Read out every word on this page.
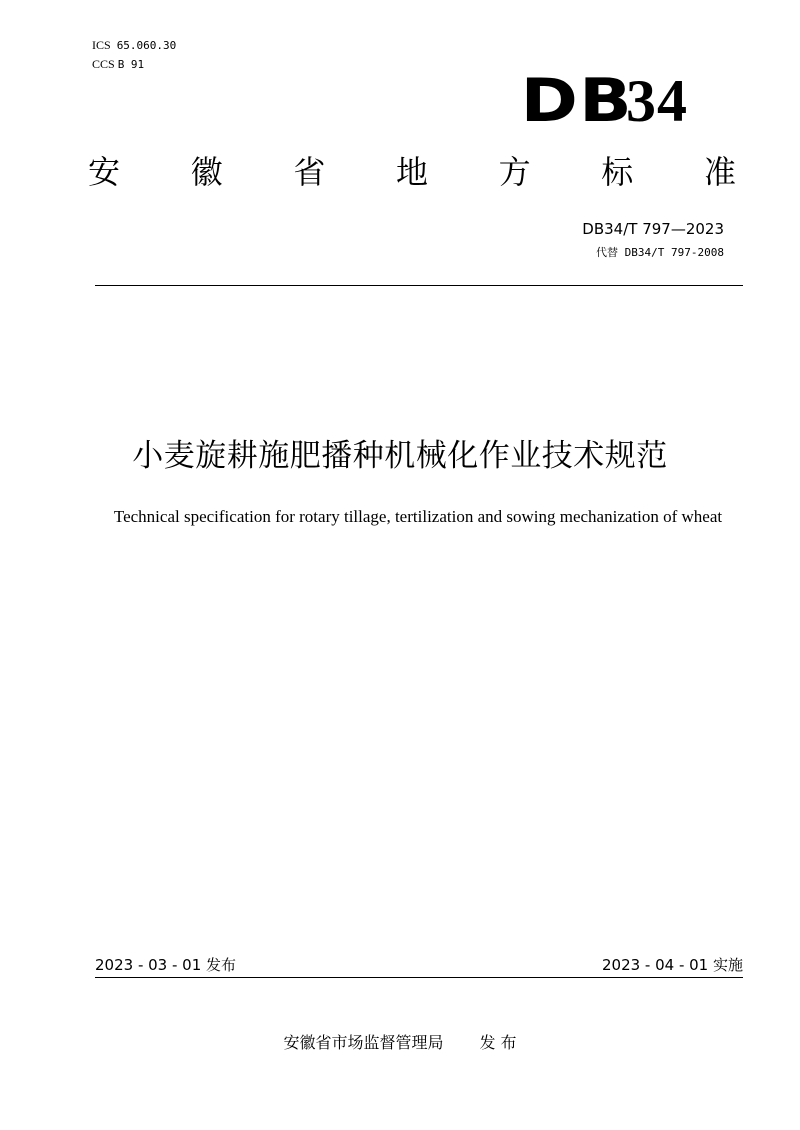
ICS 65.060.30
CCS B 91
DB34
安 徽 省 地 方 标 准
DB34/T 797—2023
代替 DB34/T 797-2008
小麦旋耕施肥播种机械化作业技术规范
Technical specification for rotary tillage, tertilization and sowing mechanization of wheat
2023 - 03 - 01 发布	2023 - 04 - 01 实施
安徽省市场监督管理局 发 布
